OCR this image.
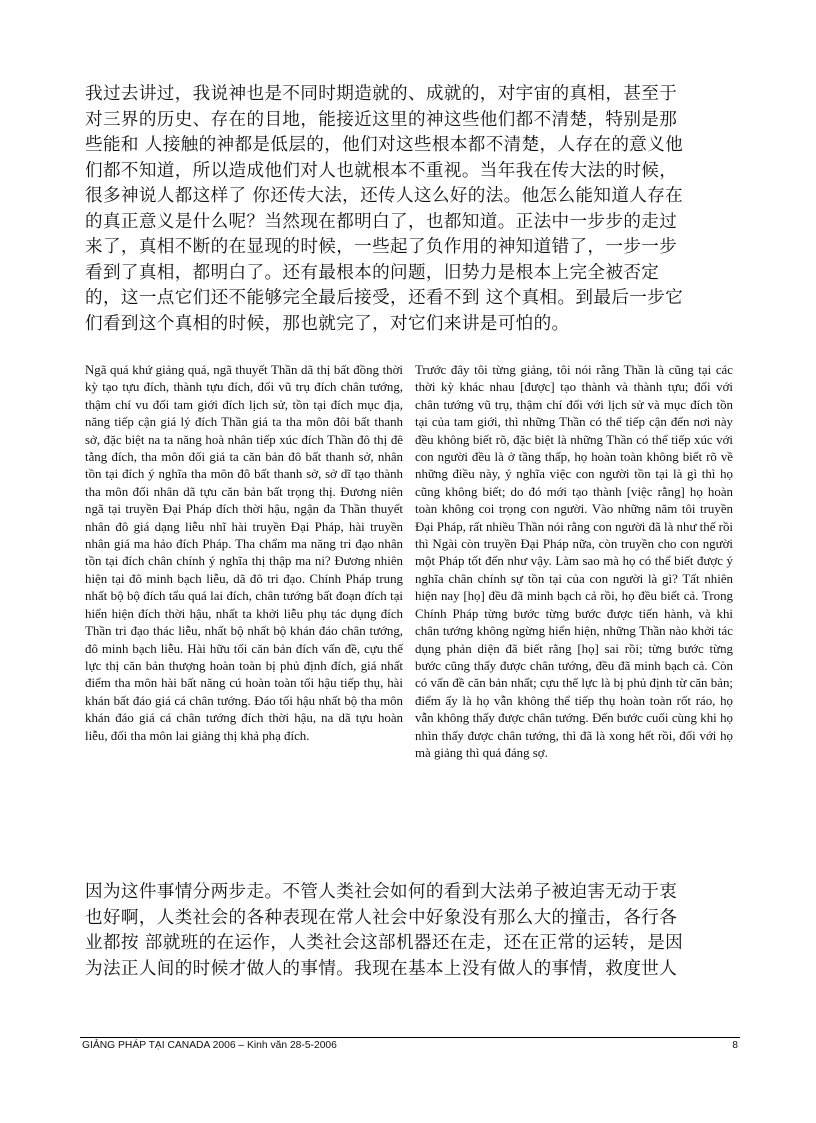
我过去讲过，我说神也是不同时期造就的、成就的，对宇宙的真相，甚至于
对三界的历史、存在的目地，能接近这里的神这些他们都不清楚，特别是那
些能和 人接触的神都是低层的，他们对这些根本都不清楚，人存在的意义他
们都不知道，所以造成他们对人也就根本不重视。当年我在传大法的时候，
很多神说人都这样了 你还传大法，还传人这么好的法。他怎么能知道人存在
的真正意义是什么呢？当然现在都明白了，也都知道。正法中一步步的走过
来了，真相不断的在显现的时候，一些起了负作用的神知道错了，一步一步
看到了真相，都明白了。还有最根本的问题，旧势力是根本上完全被否定
的，这一点它们还不能够完全最后接受，还看不到 这个真相。到最后一步它
们看到这个真相的时候，那也就完了，对它们来讲是可怕的。

Ngã quá khứ giảng quá, ngã thuyết Thần dã thị bất đồng thời kỳ tạo tựu đích, thành tựu đích, đối vũ trụ đích chân tướng, thậm chí vu đối tam giới đích lịch sử, tồn tại đích mục địa, năng tiếp cận giá lý đích Thần giá ta tha môn đôi bất thanh sở, đặc biệt na ta năng hoà nhân tiếp xúc đích Thần đô thị đê tằng đích, tha môn đối giá ta căn bản đô bất thanh sở, nhân tồn tại đích ý nghĩa tha môn đô bất thanh sở, sở dĩ tạo thành tha môn đối nhân dã tựu căn bản bất trọng thị. Đương niên ngã tại truyền Đại Pháp đích thời hậu, ngận đa Thần thuyết nhân đô giá dạng liễu nhĩ hài truyền Đại Pháp, hài truyền nhân giá ma hảo đích Pháp. Tha chẩm ma năng tri đạo nhân tồn tại đích chân chính ý nghĩa thị thập ma ni? Đương nhiên hiện tại đô minh bạch liễu, dã đô tri đạo. Chính Pháp trung nhất bộ bộ đích tẩu quá lai đích, chân tướng bất đoạn đích tại hiển hiện đích thời hậu, nhất ta khởi liễu phụ tác dụng đích Thần tri đạo thác liễu, nhất bộ nhất bộ khán đáo chân tướng, đô minh bạch liễu. Hài hữu tối căn bản đích vấn đề, cựu thế lực thị căn bản thượng hoàn toàn bị phủ định đích, giá nhất điểm tha môn hài bất năng cú hoàn toàn tối hậu tiếp thụ, hài khán bất đáo giá cá chân tướng. Đáo tối hậu nhất bộ tha môn khán đáo giá cá chân tướng đích thời hậu, na dã tựu hoàn liễu, đối tha môn lai giảng thị khả phạ đích.

Trước đây tôi từng giảng, tôi nói rằng Thần là cũng tại các thời kỳ khác nhau [được] tạo thành và thành tựu; đối với chân tướng vũ trụ, thậm chí đối với lịch sử và mục đích tồn tại của tam giới, thì những Thần có thể tiếp cận đến nơi này đều không biết rõ, đặc biệt là những Thần có thể tiếp xúc với con người đều là ở tầng thấp, họ hoàn toàn không biết rõ về những điều này, ý nghĩa việc con người tồn tại là gì thì họ cũng không biết; do đó mới tạo thành [việc rằng] họ hoàn toàn không coi trọng con người. Vào những năm tôi truyền Đại Pháp, rất nhiều Thần nói rằng con người đã là như thế rồi thì Ngài còn truyền Đại Pháp nữa, còn truyền cho con người một Pháp tốt đến như vậy. Làm sao mà họ có thể biết được ý nghĩa chân chính sự tồn tại của con người là gì? Tất nhiên hiện nay [họ] đều đã minh bạch cả rồi, họ đều biết cả. Trong Chính Pháp từng bước từng bước được tiến hành, và khi chân tướng không ngừng hiển hiện, những Thần nào khởi tác dụng phản diện đã biết rằng [họ] sai rồi; từng bước từng bước cũng thấy được chân tướng, đều đã minh bạch cả. Còn có vấn đề căn bản nhất; cựu thế lực là bị phủ định từ căn bản; điểm ấy là họ vẫn không thể tiếp thụ hoàn toàn rốt ráo, họ vẫn không thấy được chân tướng. Đến bước cuối cùng khi họ nhìn thấy được chân tướng, thì đã là xong hết rồi, đối với họ mà giảng thì quá đáng sợ.

因为这件事情分两步走。不管人类社会如何的看到大法弟子被迫害无动于衷
也好啊，人类社会的各种表现在常人社会中好象没有那么大的撞击，各行各
业都按 部就班的在运作，人类社会这部机器还在走，还在正常的运转，是因
为法正人间的时候才做人的事情。我现在基本上没有做人的事情，救度世人
GIẢNG PHÁP TẠI CANADA 2006 – Kinh văn 28-5-2006	8
